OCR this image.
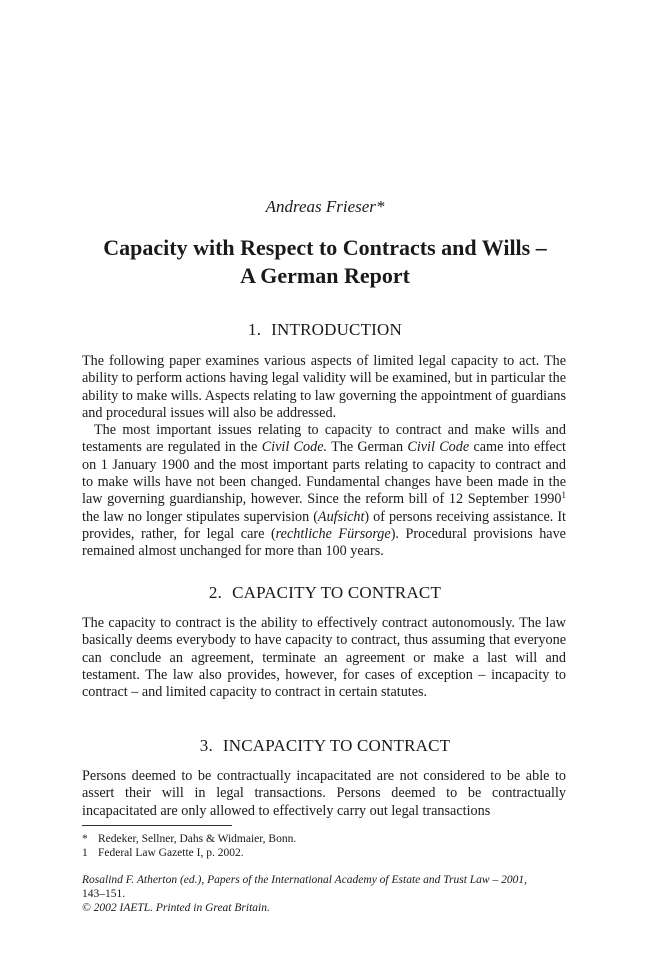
Andreas Frieser*
Capacity with Respect to Contracts and Wills –
A German Report
1. INTRODUCTION

The following paper examines various aspects of limited legal capacity to act. The ability to perform actions having legal validity will be examined, but in particular the ability to make wills. Aspects relating to law governing the appointment of guardians and procedural issues will also be addressed.

The most important issues relating to capacity to contract and make wills and testaments are regulated in the Civil Code. The German Civil Code came into effect on 1 January 1900 and the most important parts relating to capacity to contract and to make wills have not been changed. Fundamental changes have been made in the law governing guardianship, however. Since the reform bill of 12 September 1990$^1$ the law no longer stipulates supervision (Aufsicht) of persons receiving assistance. It provides, rather, for legal care (rechtliche Fürsorge). Procedural provisions have remained almost unchanged for more than 100 years.

2. CAPACITY TO CONTRACT

The capacity to contract is the ability to effectively contract autonomously. The law basically deems everybody to have capacity to contract, thus assuming that everyone can conclude an agreement, terminate an agreement or make a last will and testament. The law also provides, however, for cases of exception – incapacity to contract – and limited capacity to contract in certain statutes.

3. INCAPACITY TO CONTRACT

Persons deemed to be contractually incapacitated are not considered to be able to assert their will in legal transactions. Persons deemed to be contractually incapacitated are only allowed to effectively carry out legal transactions

* Redeker, Sellner, Dahs & Widmaier, Bonn.
1 Federal Law Gazette I, p. 2002.
Rosalind F. Atherton (ed.), Papers of the International Academy of Estate and Trust Law – 2001,
143–151.
© 2002 IAETL. Printed in Great Britain.
